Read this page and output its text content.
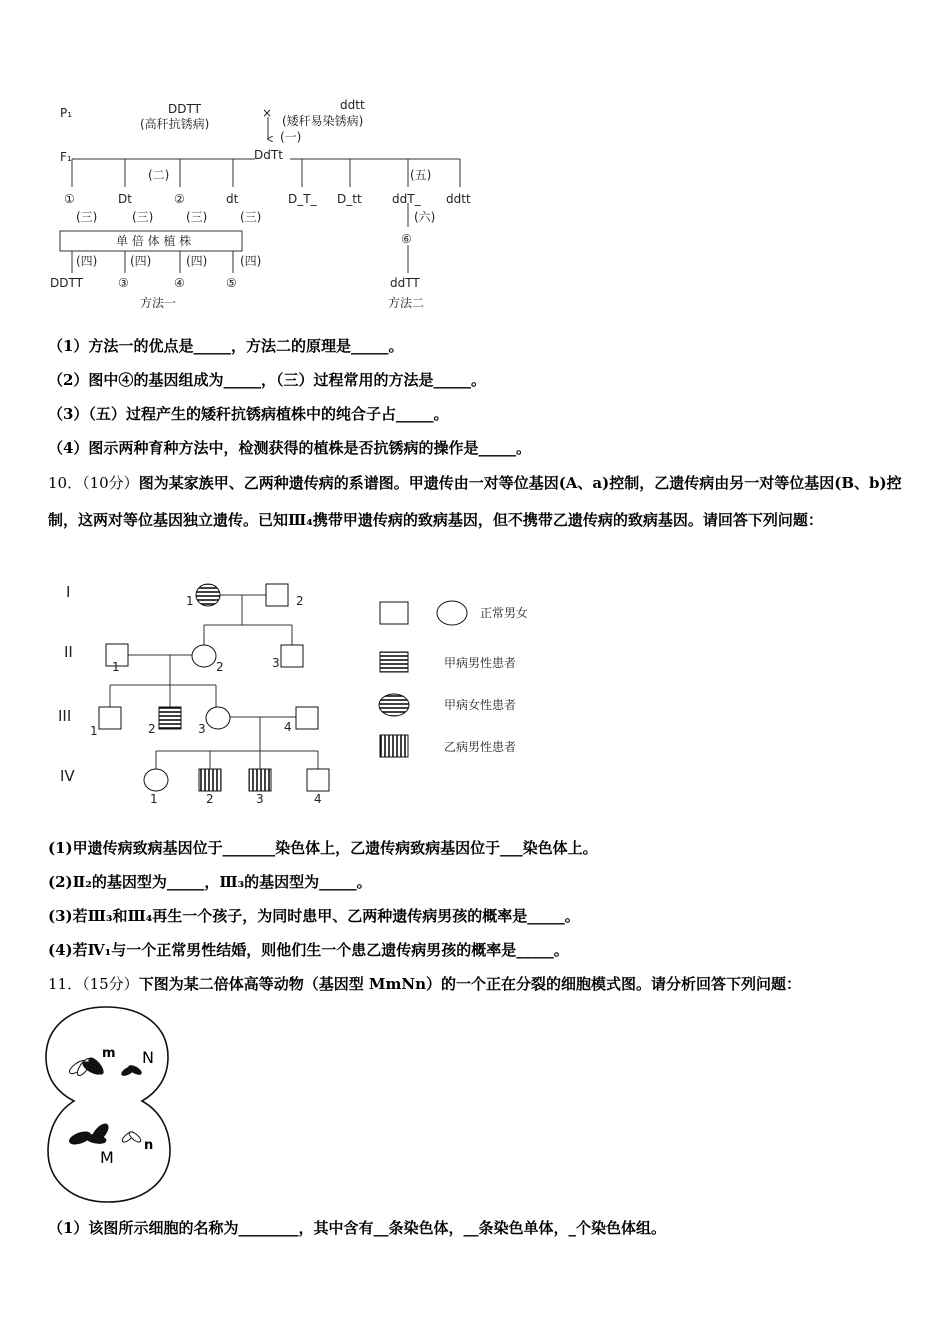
P₁
F₁
DDTT
(高秆抗锈病)
×
ddtt
(矮秆易染锈病)
(一)
DdTt
(二)	(五)
①	Dt	②	dt	D_T_ D_tt	ddT_ ddtt
(三)	(三)	(三)	(三)	(六)
单 倍 体 植 株	⑥
(四)	(四)	(四)	(四)
DDTT	③	④	⑤	ddTT
方法一	方法二
（1）方法一的优点是_____，方法二的原理是_____。
（2）图中④的基因组成为_____，（三）过程常用的方法是_____。
（3）（五）过程产生的矮秆抗锈病植株中的纯合子占_____。
（4）图示两种育种方法中，检测获得的植株是否抗锈病的操作是_____。
10．（10分）图为某家族甲、乙两种遗传病的系谱图。甲遗传由一对等位基因(A、a)控制，乙遗传病由另一对等位基因(B、b)控制，这两对等位基因独立遗传。已知Ⅲ₄携带甲遗传病的致病基因，但不携带乙遗传病的致病基因。请回答下列问题：
I
II
III
IV
1	2
1	2	3
1	2	3	4
1	2	3	4
正常男女
甲病男性患者
甲病女性患者
乙病男性患者
(1)甲遗传病致病基因位于_______染色体上，乙遗传病致病基因位于___染色体上。
(2)Ⅱ₂的基因型为_____，Ⅲ₃的基因型为_____。
(3)若Ⅲ₃和Ⅲ₄再生一个孩子，为同时患甲、乙两种遗传病男孩的概率是_____。
(4)若Ⅳ₁与一个正常男性结婚，则他们生一个患乙遗传病男孩的概率是_____。
11．（15分）下图为某二倍体高等动物（基因型 MmNn）的一个正在分裂的细胞模式图。请分析回答下列问题：
m N
M
n
（1）该图所示细胞的名称为________，其中含有__条染色体，__条染色单体，_个染色体组。
